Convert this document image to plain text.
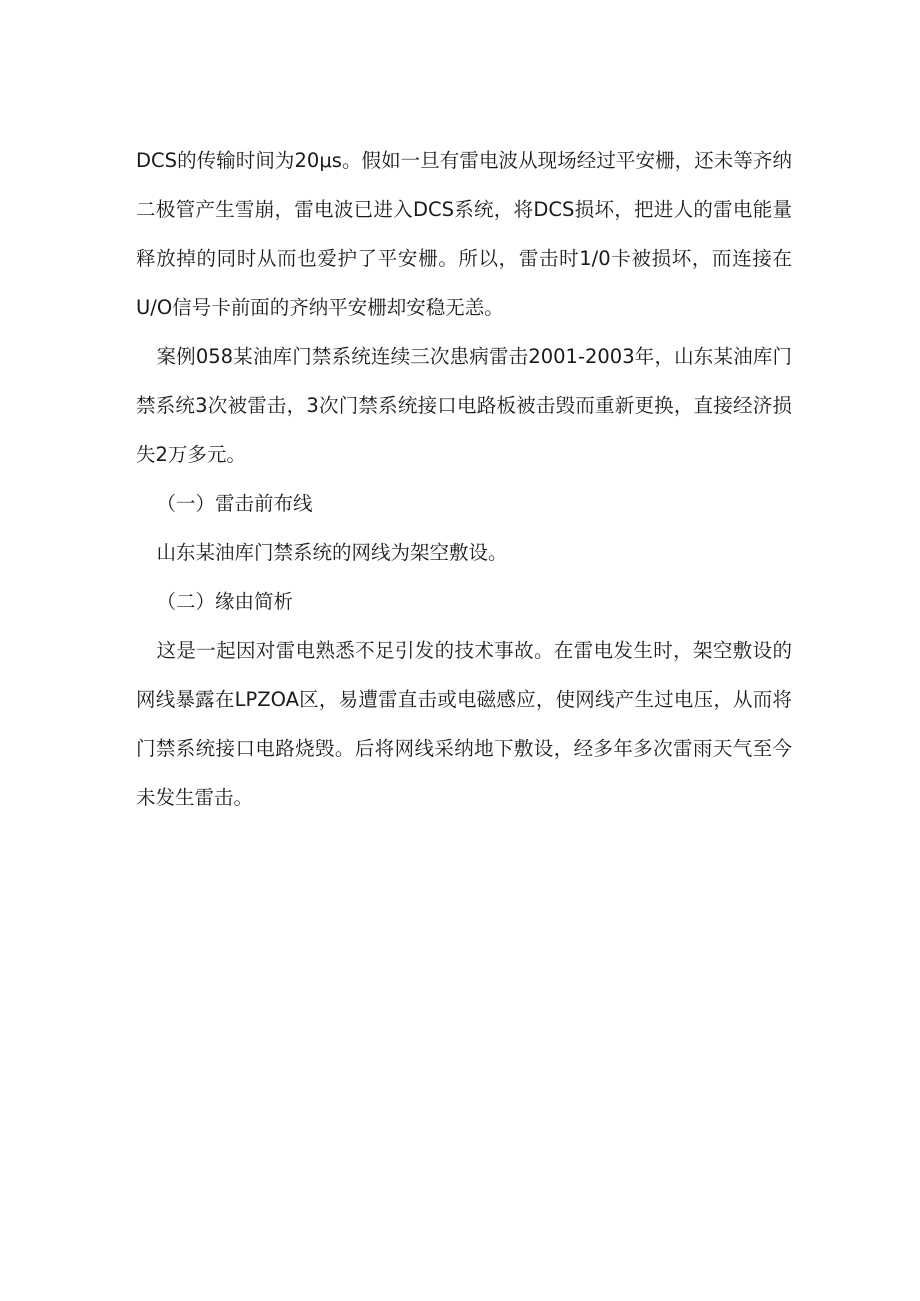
DCS的传输时间为20μs。假如一旦有雷电波从现场经过平安栅，还未等齐纳二极管产生雪崩，雷电波已进入DCS系统，将DCS损坏，把进人的雷电能量释放掉的同时从而也爱护了平安栅。所以，雷击时1/0卡被损坏，而连接在U/O信号卡前面的齐纳平安栅却安稳无恙。

案例058某油库门禁系统连续三次患病雷击2001-2003年，山东某油库门禁系统3次被雷击，3次门禁系统接口电路板被击毁而重新更换，直接经济损失2万多元。

（一）雷击前布线

山东某油库门禁系统的网线为架空敷设。

（二）缘由简析

这是一起因对雷电熟悉不足引发的技术事故。在雷电发生时，架空敷设的网线暴露在LPZOA区，易遭雷直击或电磁感应，使网线产生过电压，从而将门禁系统接口电路烧毁。后将网线采纳地下敷设，经多年多次雷雨天气至今未发生雷击。
